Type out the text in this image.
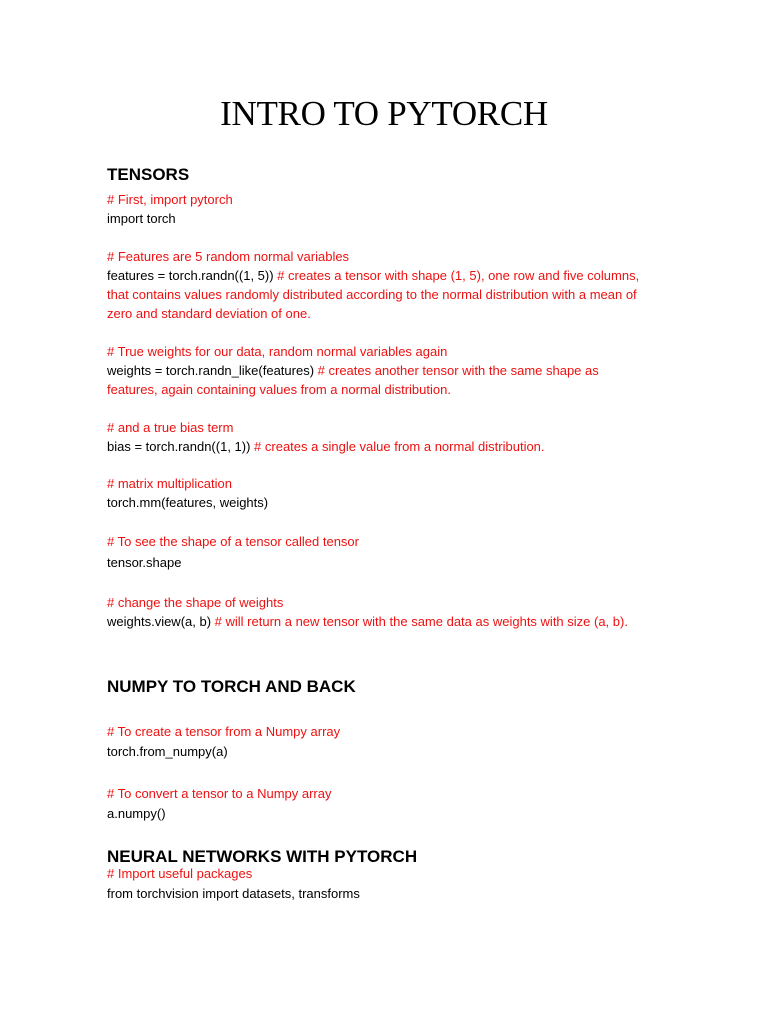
INTRO TO PYTORCH
TENSORS
# First, import pytorch
import torch
# Features are 5 random normal variables
features = torch.randn((1, 5)) # creates a tensor with shape (1, 5), one row and five columns, that contains values randomly distributed according to the normal distribution with a mean of zero and standard deviation of one.
# True weights for our data, random normal variables again
weights = torch.randn_like(features) # creates another tensor with the same shape as features, again containing values from a normal distribution.
# and a true bias term
bias = torch.randn((1, 1)) # creates a single value from a normal distribution.
# matrix multiplication
torch.mm(features, weights)
# To see the shape of a tensor called tensor
tensor.shape
# change the shape of weights
weights.view(a, b) # will return a new tensor with the same data as weights with size (a, b).
NUMPY TO TORCH AND BACK
# To create a tensor from a Numpy array
torch.from_numpy(a)
# To convert a tensor to a Numpy array
a.numpy()
NEURAL NETWORKS WITH PYTORCH
# Import useful packages
from torchvision import datasets, transforms
